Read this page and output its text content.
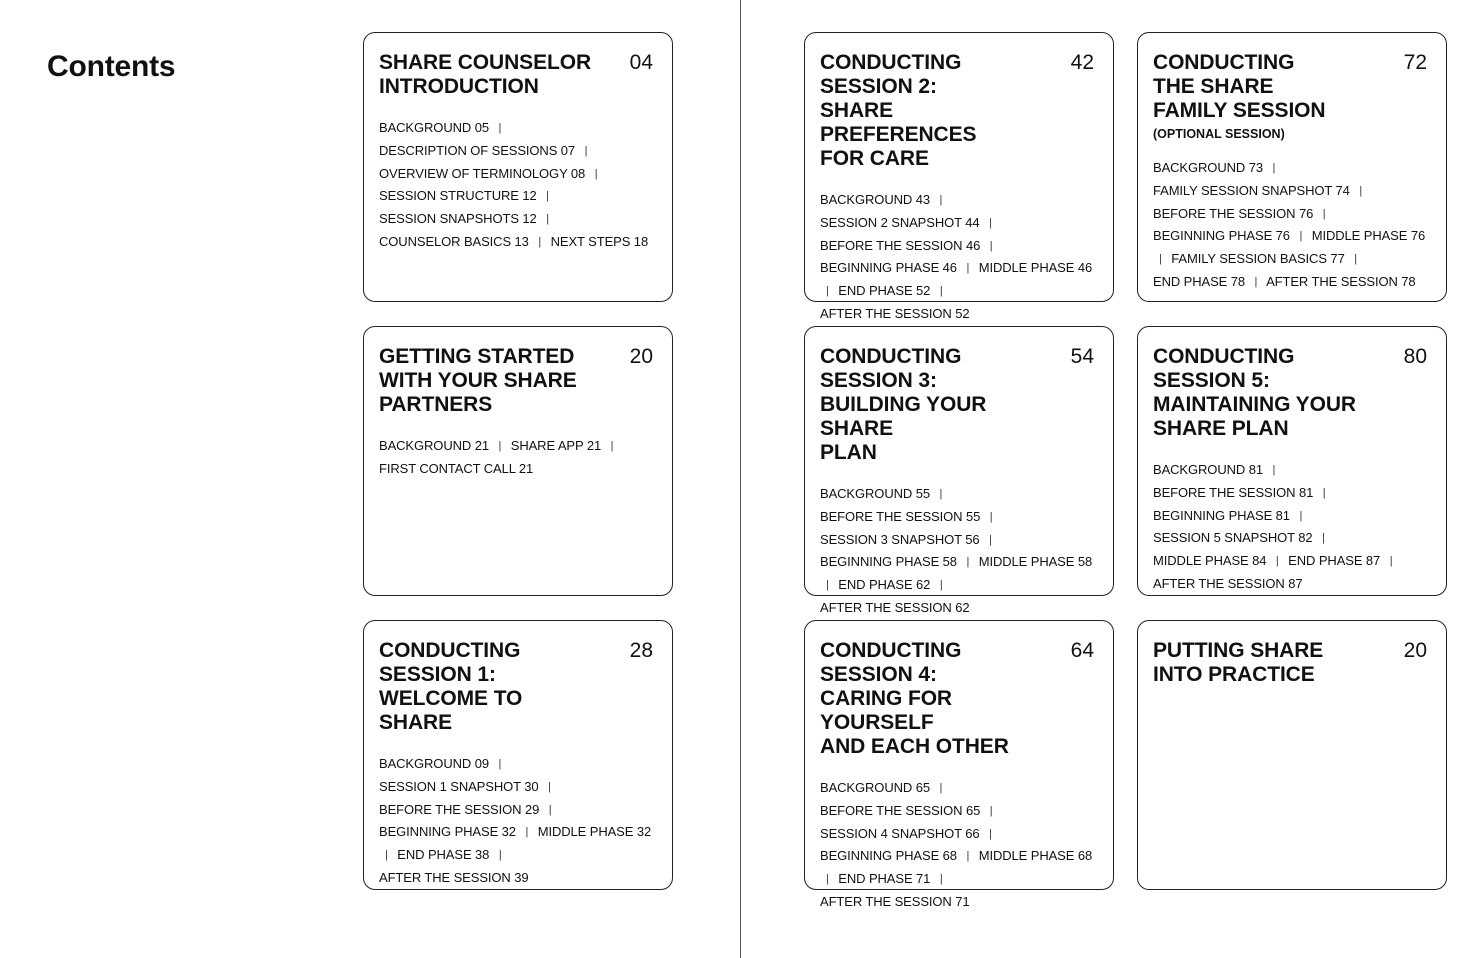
Contents	SHARE COUNSELOR
INTRODUCTION
04
BACKGROUND 05 | DESCRIPTION OF SESSIONS 07 | OVERVIEW OF TERMINOLOGY 08 | SESSION STRUCTURE 12 | SESSION SNAPSHOTS 12 | COUNSELOR BASICS 13 | NEXT STEPS 18
GETTING STARTED
WITH YOUR SHARE
PARTNERS
20
BACKGROUND 21 | SHARE APP 21 | FIRST CONTACT CALL 21
CONDUCTING
SESSION 1:
WELCOME TO SHARE
28
BACKGROUND 09 | SESSION 1 SNAPSHOT 30 | BEFORE THE SESSION 29 | BEGINNING PHASE 32 | MIDDLE PHASE 32 | END PHASE 38 | AFTER THE SESSION 39
CONDUCTING
SESSION 2:
SHARE PREFERENCES
FOR CARE
42
BACKGROUND 43 | SESSION 2 SNAPSHOT 44 | BEFORE THE SESSION 46 | BEGINNING PHASE 46 | MIDDLE PHASE 46 | END PHASE 52 | AFTER THE SESSION 52
CONDUCTING
SESSION 3:
BUILDING YOUR SHARE
PLAN
54
BACKGROUND 55 | BEFORE THE SESSION 55 | SESSION 3 SNAPSHOT 56 | BEGINNING PHASE 58 | MIDDLE PHASE 58 | END PHASE 62 | AFTER THE SESSION 62
CONDUCTING
SESSION 4:
CARING FOR YOURSELF
AND EACH OTHER
64
BACKGROUND 65 | BEFORE THE SESSION 65 | SESSION 4 SNAPSHOT 66 | BEGINNING PHASE 68 | MIDDLE PHASE 68 | END PHASE 71 | AFTER THE SESSION 71
CONDUCTING
THE SHARE
FAMILY SESSION
72
(OPTIONAL SESSION)
BACKGROUND 73 | FAMILY SESSION SNAPSHOT 74 | BEFORE THE SESSION 76 | BEGINNING PHASE 76 | MIDDLE PHASE 76 | FAMILY SESSION BASICS 77 | END PHASE 78 | AFTER THE SESSION 78
CONDUCTING
SESSION 5:
MAINTAINING YOUR
SHARE PLAN
80
BACKGROUND 81 | BEFORE THE SESSION 81 | BEGINNING PHASE 81 | SESSION 5 SNAPSHOT 82 | MIDDLE PHASE 84 | END PHASE 87 | AFTER THE SESSION 87
PUTTING SHARE
INTO PRACTICE
20
